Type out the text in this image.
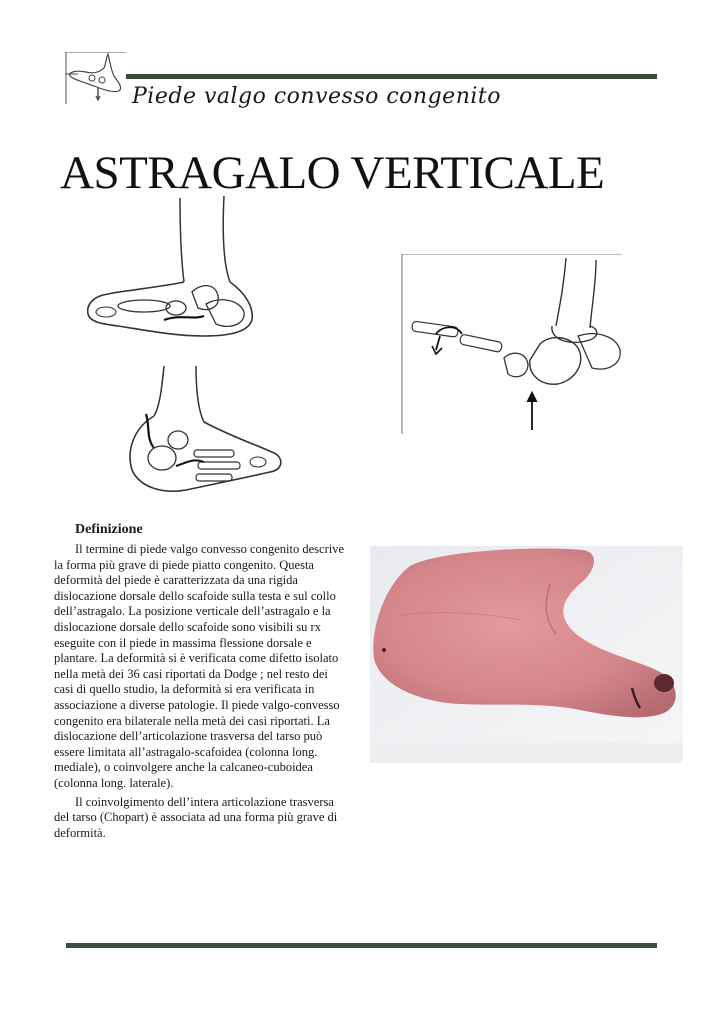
Piede valgo convesso congenito
ASTRAGALO VERTICALE
Definizione

Il termine di piede valgo convesso congenito descrive la forma più grave di piede piatto congenito. Questa deformità del piede è caratterizzata da una rigida dislocazione dorsale dello scafoide sulla testa e sul collo dell’astragalo. La posizione verticale dell’astragalo e la dislocazione dorsale dello scafoide sono visibili su rx eseguite con il piede in massima flessione dorsale e plantare. La deformità si è verificata come difetto isolato nella metà dei 36 casi riportati da Dodge ; nel resto dei casi di quello studio, la deformità si era verificata in associazione a diverse patologie. Il piede valgo-convesso congenito era bilaterale nella metà dei casi riportati. La dislocazione dell’articolazione trasversa del tarso può essere limitata all’astragalo-scafoidea (colonna long. mediale), o coinvolgere anche la calcaneo-cuboidea (colonna long. laterale).

Il coinvolgimento dell’intera articolazione trasversa del tarso (Chopart) è associata ad una forma più grave di deformità.
